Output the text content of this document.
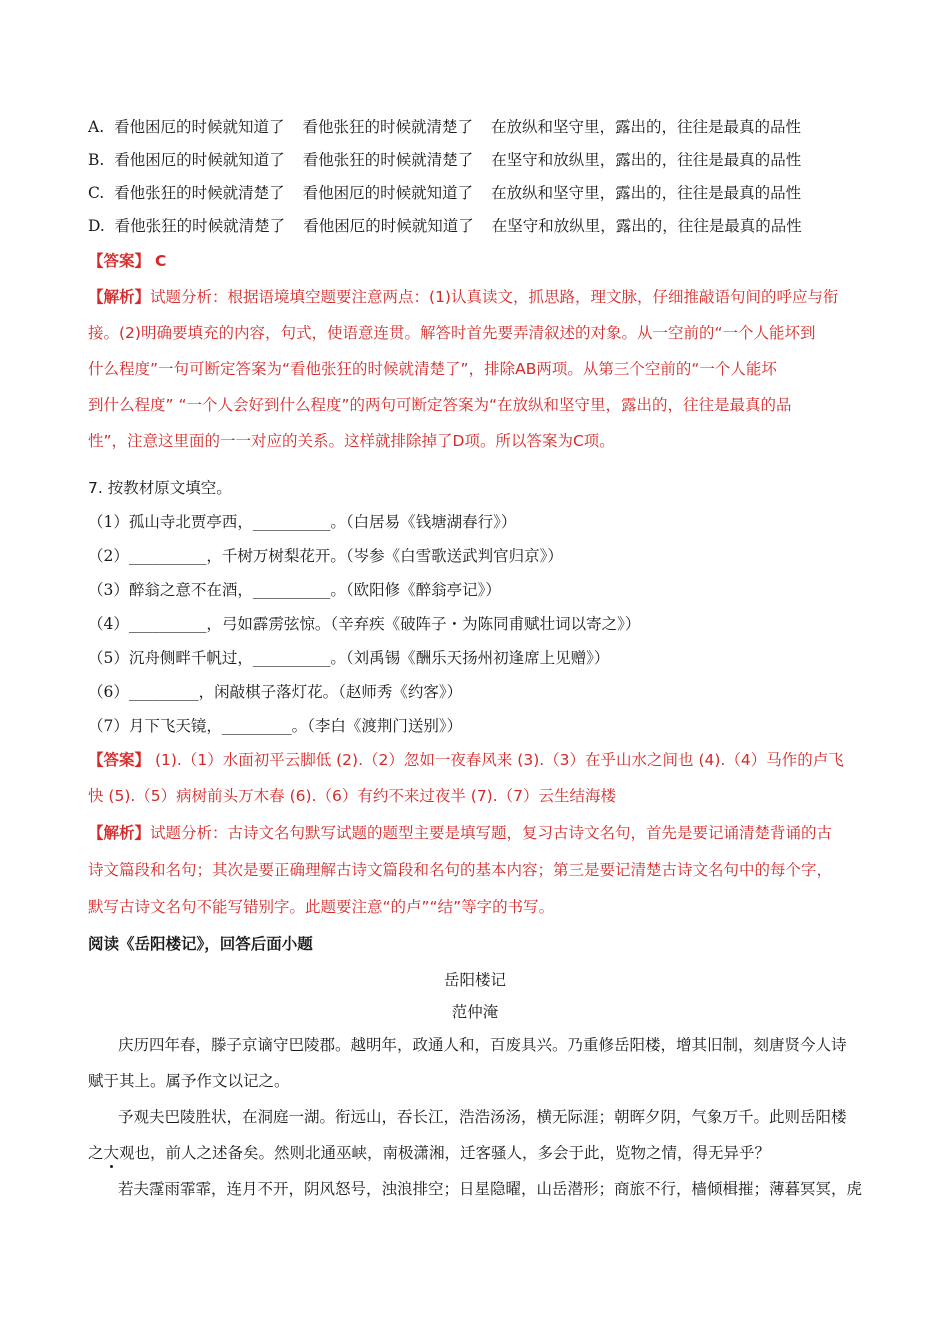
A. 看他困厄的时候就知道了 看他张狂的时候就清楚了 在放纵和坚守里，露出的，往往是最真的品性
B. 看他困厄的时候就知道了 看他张狂的时候就清楚了 在坚守和放纵里，露出的，往往是最真的品性
C. 看他张狂的时候就清楚了 看他困厄的时候就知道了 在放纵和坚守里，露出的，往往是最真的品性
D. 看他张狂的时候就清楚了 看他困厄的时候就知道了 在坚守和放纵里，露出的，往往是最真的品性
【答案】 C
【解析】试题分析：根据语境填空题要注意两点：(1)认真读文，抓思路，理文脉，仔细推敲语句间的呼应与衔
接。(2)明确要填充的内容，句式，使语意连贯。解答时首先要弄清叙述的对象。从一空前的“一个人能坏到
什么程度”一句可断定答案为“看他张狂的时候就清楚了”，排除AB两项。从第三个空前的“一个人能坏
到什么程度” “一个人会好到什么程度”的两句可断定答案为“在放纵和坚守里，露出的，往往是最真的品
性”，注意这里面的一一对应的关系。这样就排除掉了D项。所以答案为C项。
7. 按教材原文填空。
（1）孤山寺北贾亭西，__________。（白居易《钱塘湖春行》）
（2）__________，千树万树梨花开。（岑参《白雪歌送武判官归京》）
（3）醉翁之意不在酒，__________。（欧阳修《醉翁亭记》）
（4）__________，弓如霹雳弦惊。（辛弃疾《破阵子・为陈同甫赋壮词以寄之》）
（5）沉舟侧畔千帆过，__________。（刘禹锡《酬乐天扬州初逢席上见赠》）
（6）_________，闲敲棋子落灯花。（赵师秀《约客》）
（7）月下飞天镜，_________。（李白《渡荆门送别》）
【答案】 (1).（1）水面初平云脚低 (2).（2）忽如一夜春风来 (3).（3）在乎山水之间也 (4).（4）马作的卢飞
快 (5).（5）病树前头万木春 (6).（6）有约不来过夜半 (7).（7）云生结海楼
【解析】试题分析：古诗文名句默写试题的题型主要是填写题，复习古诗文名句，首先是要记诵清楚背诵的古
诗文篇段和名句；其次是要正确理解古诗文篇段和名句的基本内容；第三是要记清楚古诗文名句中的每个字，
默写古诗文名句不能写错别字。此题要注意“的卢”“结”等字的书写。
阅读《岳阳楼记》，回答后面小题
岳阳楼记
范仲淹
庆历四年春，滕子京谪守巴陵郡。越明年，政通人和，百废具兴。乃重修岳阳楼，增其旧制，刻唐贤今人诗
赋于其上。属予作文以记之。
予观夫巴陵胜状，在洞庭一湖。衔远山，吞长江，浩浩汤汤，横无际涯；朝晖夕阴，气象万千。此则岳阳楼
之大观也，前人之述备矣。然则北通巫峡，南极潇湘，迁客骚人，多会于此，览物之情，得无异乎？
若夫霪雨霏霏，连月不开，阴风怒号，浊浪排空；日星隐曜，山岳潜形；商旅不行，樯倾楫摧；薄暮冥冥，虎
